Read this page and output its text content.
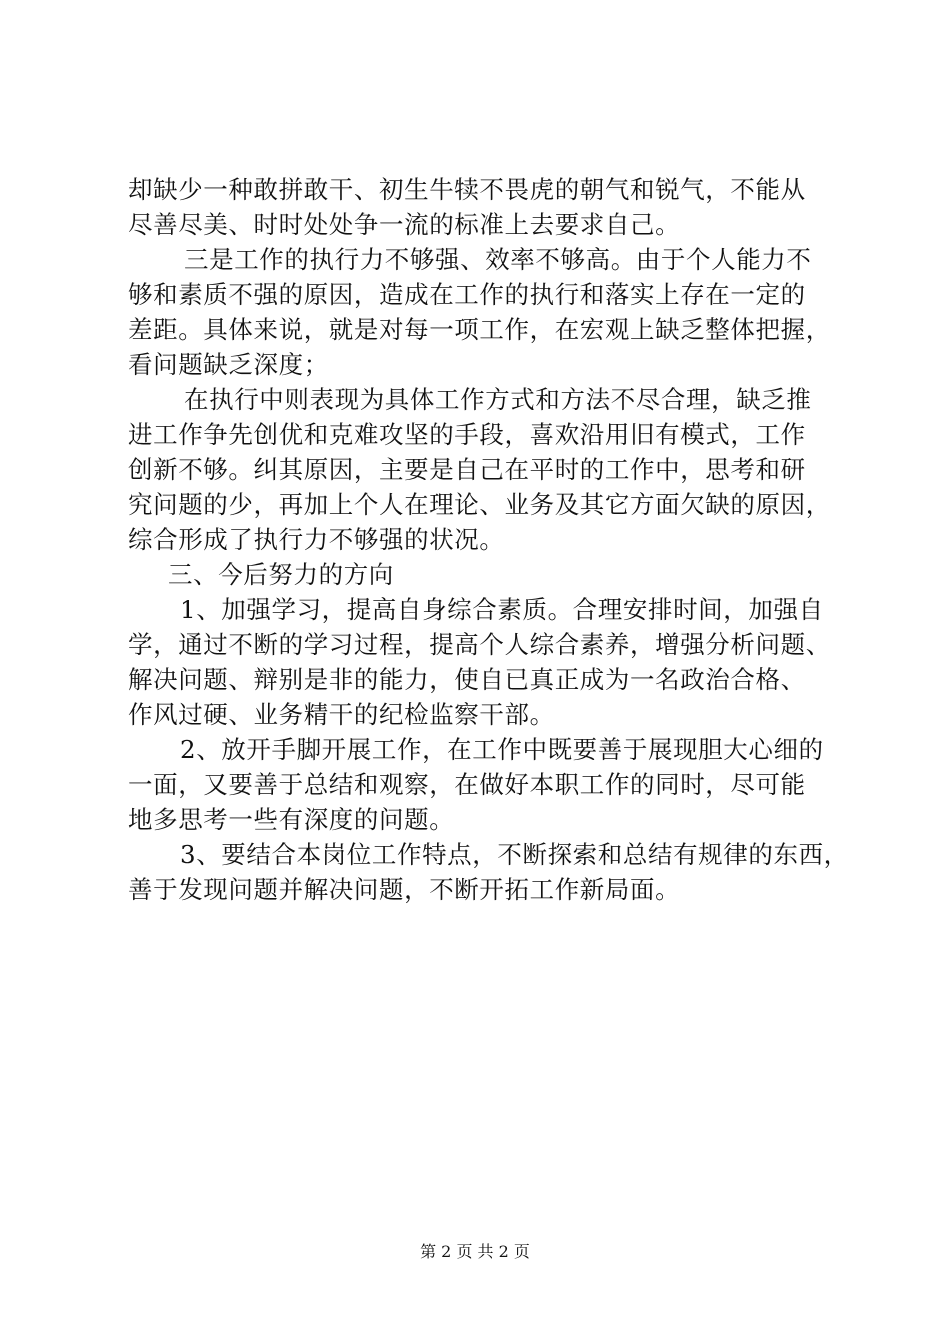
却缺少一种敢拼敢干、初生牛犊不畏虎的朝气和锐气，不能从
尽善尽美、时时处处争一流的标准上去要求自己。
三是工作的执行力不够强、效率不够高。由于个人能力不
够和素质不强的原因，造成在工作的执行和落实上存在一定的
差距。具体来说，就是对每一项工作，在宏观上缺乏整体把握，
看问题缺乏深度；
在执行中则表现为具体工作方式和方法不尽合理，缺乏推
进工作争先创优和克难攻坚的手段，喜欢沿用旧有模式，工作
创新不够。纠其原因，主要是自己在平时的工作中，思考和研
究问题的少，再加上个人在理论、业务及其它方面欠缺的原因，
综合形成了执行力不够强的状况。
三、今后努力的方向
1、加强学习，提高自身综合素质。合理安排时间，加强自
学，通过不断的学习过程，提高个人综合素养，增强分析问题、
解决问题、辩别是非的能力，使自已真正成为一名政治合格、
作风过硬、业务精干的纪检监察干部。
2、放开手脚开展工作，在工作中既要善于展现胆大心细的
一面，又要善于总结和观察，在做好本职工作的同时，尽可能
地多思考一些有深度的问题。
3、要结合本岗位工作特点，不断探索和总结有规律的东西，
善于发现问题并解决问题，不断开拓工作新局面。

第 2 页 共 2 页
